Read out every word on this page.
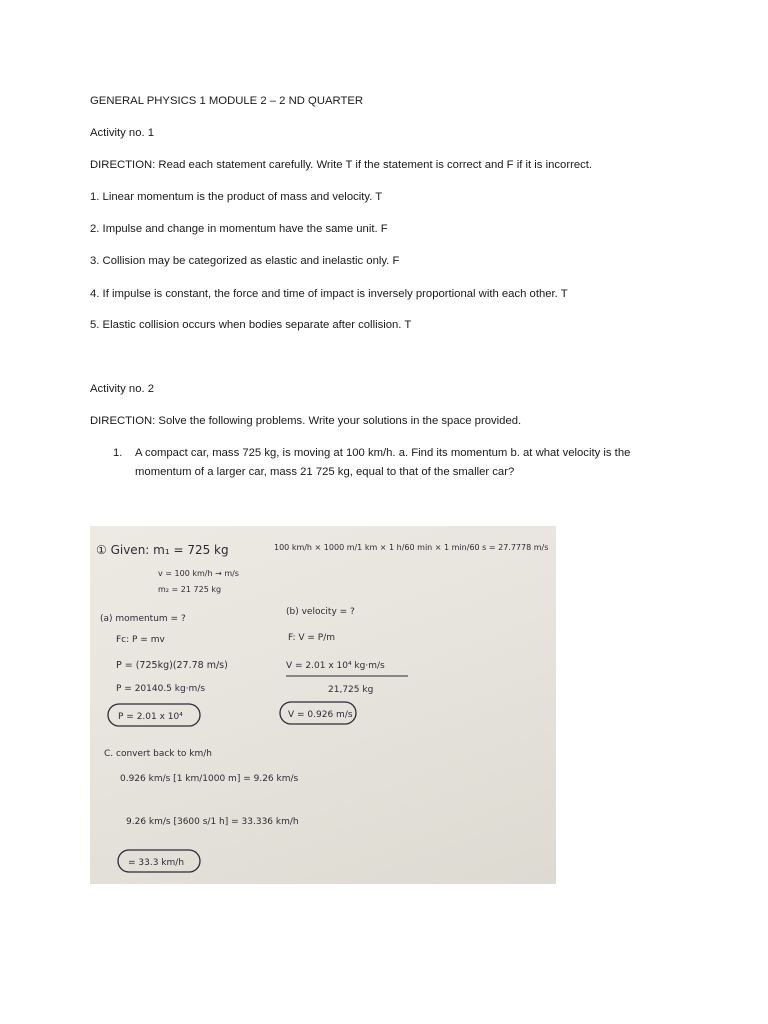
GENERAL PHYSICS 1 MODULE 2 – 2 ND QUARTER
Activity no. 1
DIRECTION: Read each statement carefully. Write T if the statement is correct and F if it is incorrect.
1. Linear momentum is the product of mass and velocity. T
2. Impulse and change in momentum have the same unit. F
3. Collision may be categorized as elastic and inelastic only. F
4. If impulse is constant, the force and time of impact is inversely proportional with each other. T
5. Elastic collision occurs when bodies separate after collision. T
Activity no. 2
DIRECTION: Solve the following problems. Write your solutions in the space provided.
1. A compact car, mass 725 kg, is moving at 100 km/h. a. Find its momentum b. at what velocity is the
momentum of a larger car, mass 21 725 kg, equal to that of the smaller car?
① Given: m₁ = 725 kg
v = 100 km/h → m/s
m₂ = 21 725 kg
(a) momentum = ?
Fc: P = mv
P = (725kg)(27.78 m/s)
P = 20140.5 kg·m/s
P = 2.01 x 10⁴
100 km/h × 1000 m/1 km × 1 h/60 min × 1 min/60 s = 27.7778 m/s
(b) velocity = ?
F: V = P/m
V = 2.01 x 10⁴ kg·m/s
21,725 kg
V = 0.926 m/s
C. convert back to km/h
0.926 km/s [1 km/1000 m] = 9.26 km/s
9.26 km/s [3600 s/1 h] = 33.336 km/h
= 33.3 km/h
